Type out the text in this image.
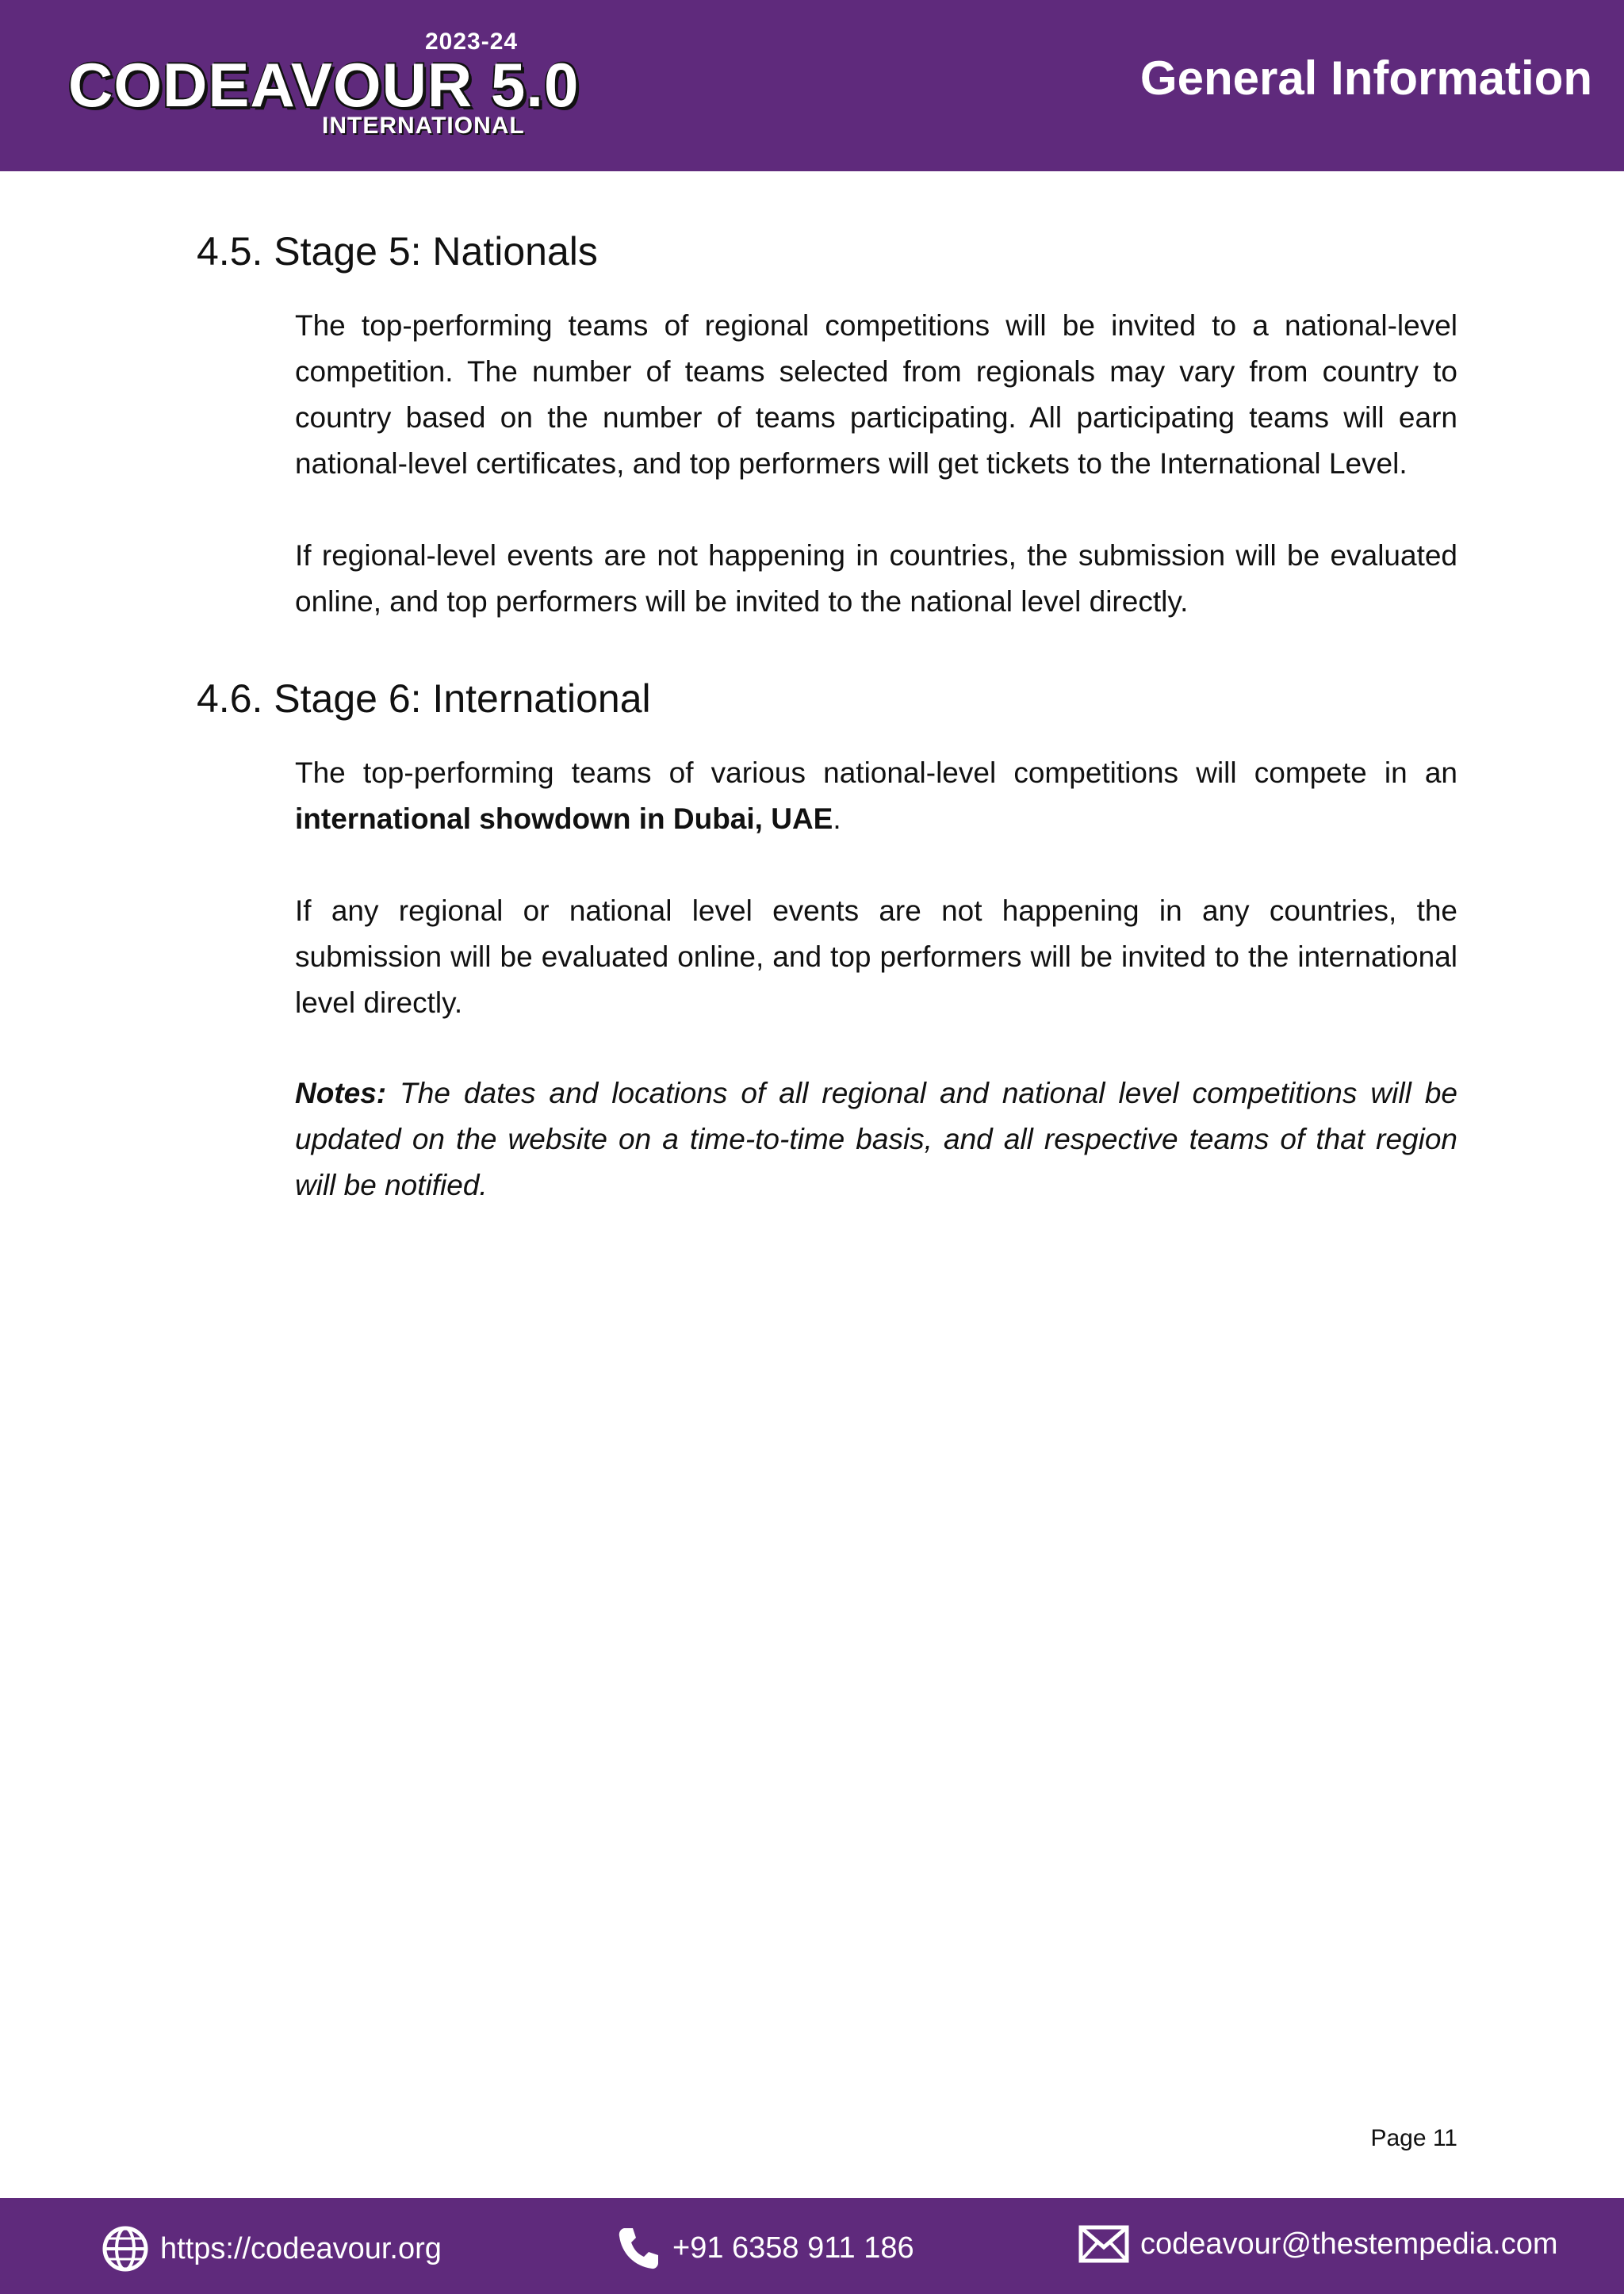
2023-24
CODEAVOUR 5.0
INTERNATIONAL
General Information
4.5. Stage 5: Nationals

The top-performing teams of regional competitions will be invited to a national-level competition. The number of teams selected from regionals may vary from country to country based on the number of teams participating. All participating teams will earn national-level certificates, and top performers will get tickets to the International Level.

If regional-level events are not happening in countries, the submission will be evaluated online, and top performers will be invited to the national level directly.

4.6. Stage 6: International

The top-performing teams of various national-level competitions will compete in an international showdown in Dubai, UAE.

If any regional or national level events are not happening in any countries, the submission will be evaluated online, and top performers will be invited to the international level directly.

Notes: The dates and locations of all regional and national level competitions will be updated on the website on a time-to-time basis, and all respective teams of that region will be notified.

Page 11
https://codeavour.org	+91 6358 911 186	codeavour@thestempedia.com
